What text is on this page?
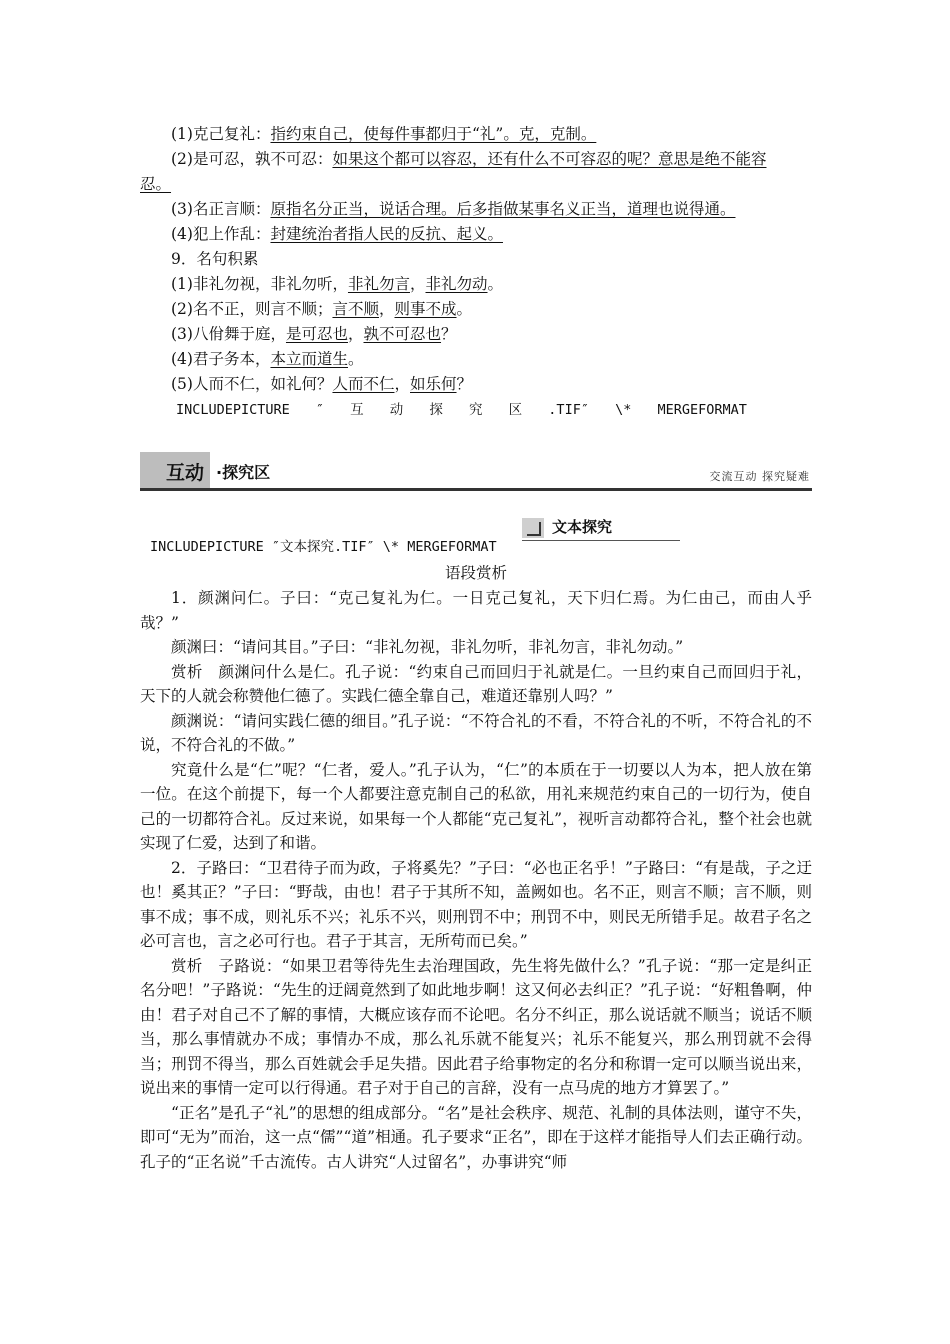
(1)克己复礼：指约束自己，使每件事都归于“礼”。克，克制。
(2)是可忍，孰不可忍：如果这个都可以容忍，还有什么不可容忍的呢？意思是绝不能容
忍。
(3)名正言顺：原指名分正当，说话合理。后多指做某事名义正当，道理也说得通。
(4)犯上作乱：封建统治者指人民的反抗、起义。
9．名句积累
(1)非礼勿视，非礼勿听，非礼勿言，非礼勿动。
(2)名不正，则言不顺；言不顺，则事不成。
(3)八佾舞于庭，是可忍也，孰不可忍也？
(4)君子务本，本立而道生。
(5)人而不仁，如礼何？人而不仁，如乐何？
INCLUDEPICTURE ″ 互 动 探 究 区 .TIF″ \* MERGEFORMAT
互动 ·探究区	交流互动 探究疑难
文本探究
INCLUDEPICTURE ″文本探究.TIF″ \* MERGEFORMAT
语段赏析

1．颜渊问仁。子曰：“克己复礼为仁。一日克己复礼，天下归仁焉。为仁由己，而由人乎哉？”

颜渊曰：“请问其目。”子曰：“非礼勿视，非礼勿听，非礼勿言，非礼勿动。”

赏析　颜渊问什么是仁。孔子说：“约束自己而回归于礼就是仁。一旦约束自己而回归于礼，天下的人就会称赞他仁德了。实践仁德全靠自己，难道还靠别人吗？”

颜渊说：“请问实践仁德的细目。”孔子说：“不符合礼的不看，不符合礼的不听，不符合礼的不说，不符合礼的不做。”

究竟什么是“仁”呢？“仁者，爱人。”孔子认为，“仁”的本质在于一切要以人为本，把人放在第一位。在这个前提下，每一个人都要注意克制自己的私欲，用礼来规范约束自己的一切行为，使自己的一切都符合礼。反过来说，如果每一个人都能“克己复礼”，视听言动都符合礼，整个社会也就实现了仁爱，达到了和谐。

2．子路曰：“卫君待子而为政，子将奚先？”子曰：“必也正名乎！”子路曰：“有是哉，子之迂也！奚其正？”子曰：“野哉，由也！君子于其所不知，盖阙如也。名不正，则言不顺；言不顺，则事不成；事不成，则礼乐不兴；礼乐不兴，则刑罚不中；刑罚不中，则民无所错手足。故君子名之必可言也，言之必可行也。君子于其言，无所苟而已矣。”

赏析　子路说：“如果卫君等待先生去治理国政，先生将先做什么？”孔子说：“那一定是纠正名分吧！”子路说：“先生的迂阔竟然到了如此地步啊！这又何必去纠正？”孔子说：“好粗鲁啊，仲由！君子对自己不了解的事情，大概应该存而不论吧。名分不纠正，那么说话就不顺当；说话不顺当，那么事情就办不成；事情办不成，那么礼乐就不能复兴；礼乐不能复兴，那么刑罚就不会得当；刑罚不得当，那么百姓就会手足失措。因此君子给事物定的名分和称谓一定可以顺当说出来，说出来的事情一定可以行得通。君子对于自己的言辞，没有一点马虎的地方才算罢了。”

“正名”是孔子“礼”的思想的组成部分。“名”是社会秩序、规范、礼制的具体法则，谨守不失，即可“无为”而治，这一点“儒”“道”相通。孔子要求“正名”，即在于这样才能指导人们去正确行动。孔子的“正名说”千古流传。古人讲究“人过留名”，办事讲究“师
